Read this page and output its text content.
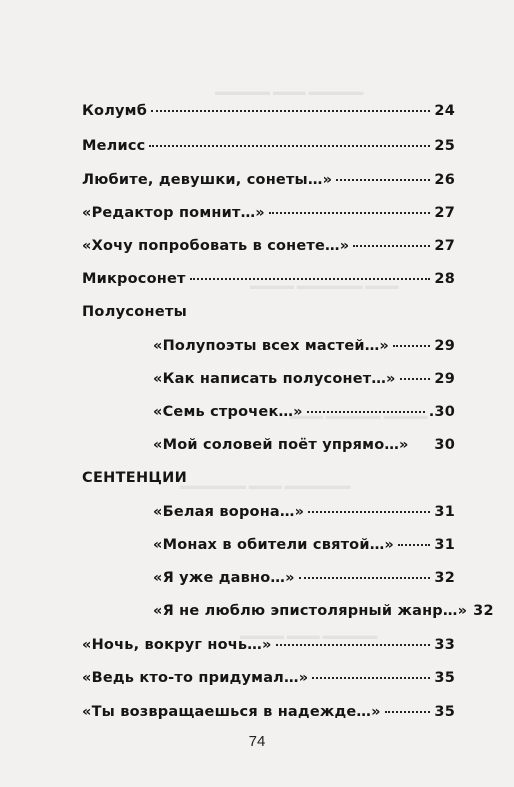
▬▬▬▬▬ ▬▬▬ ▬▬▬▬▬
▬▬▬▬ ▬▬▬▬▬▬ ▬▬▬
▬▬▬ ▬▬▬▬▬ ▬▬▬▬
▬▬▬▬▬▬ ▬▬▬ ▬▬▬▬▬▬
▬▬▬▬ ▬▬▬ ▬▬▬▬▬
Колумб	24
Мелисс	25
Любите, девушки, сонеты…»	26
«Редактор помнит…»	27
«Хочу попробовать в сонете…»	27
Микросонет	28
Полусонеты
«Полупоэты всех мастей…»	29
«Как написать полусонет…»	29
«Семь строчек…»	.30
«Мой соловей поёт упрямо…» 30
СЕНТЕНЦИИ
«Белая ворона…»	31
«Монах в обители святой…»	31
«Я уже давно…»	32
«Я не люблю эпистолярный жанр…» 32
«Ночь, вокруг ночь…»	33
«Ведь кто-то придумал…»	35
«Ты возвращаешься в надежде…»	35
74
